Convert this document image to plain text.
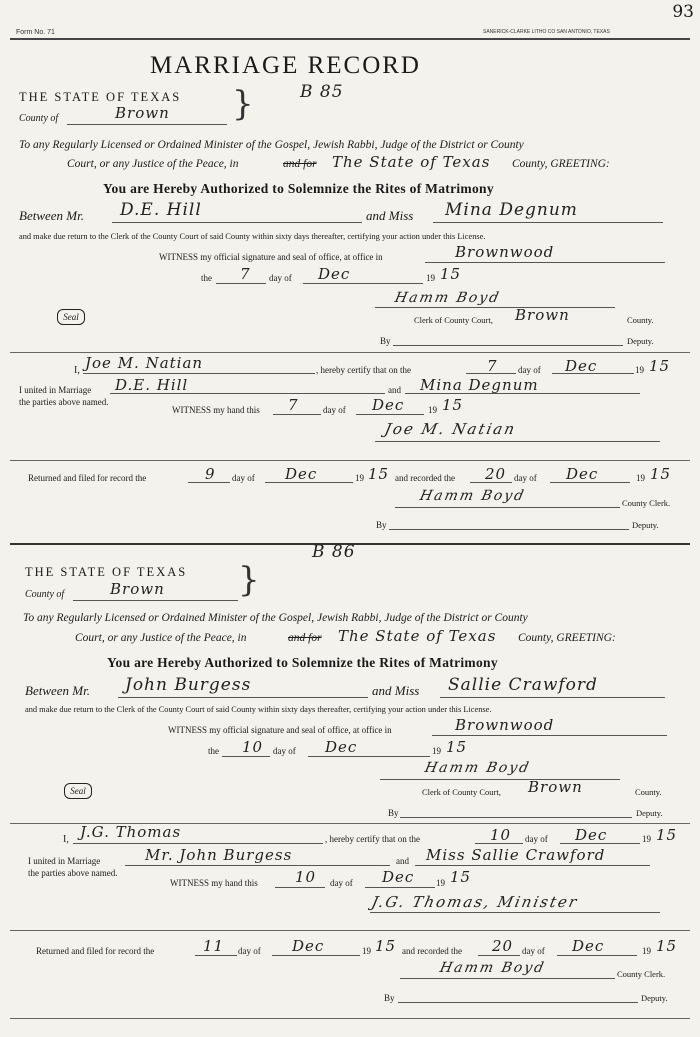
93
Form No. 71	SANERICK-CLARKE LITHO CO SAN ANTONIO, TEXAS
MARRIAGE RECORD
B 85
THE STATE OF TEXAS
County of	Brown }
To any Regularly Licensed or Ordained Minister of the Gospel, Jewish Rabbi, Judge of the District or County
Court, or any Justice of the Peace, in	and for The State of Texas County, GREETING:
You are Hereby Authorized to Solemnize the Rites of Matrimony
Between Mr. D.E. Hill	and Miss Mina Degnum
and make due return to the Clerk of the County Court of said County within sixty days thereafter, certifying your action under this License.
WITNESS my official signature and seal of office, at office in	Brownwood
the 7 day of Dec	19 15
Hamm Boyd
Seal	Clerk of County Court, Brown	County.
By	Deputy.
I, Joe M. Natian	, hereby certify that on the	7 day of Dec	19 15
I united in Marriage D.E. Hill	and Mina Degnum
the parties above named.
WITNESS my hand this 7	day of Dec	19 15
Joe M. Natian
Returned and filed for record the	9 day of Dec	19 15 and recorded the 20 day of Dec	19 15
Hamm Boyd	County Clerk.
By	Deputy.
B 86
THE STATE OF TEXAS
County of	Brown }
To any Regularly Licensed or Ordained Minister of the Gospel, Jewish Rabbi, Judge of the District or County
Court, or any Justice of the Peace, in	and for The State of Texas County, GREETING:
You are Hereby Authorized to Solemnize the Rites of Matrimony
Between Mr. John Burgess	and Miss Sallie Crawford
and make due return to the Clerk of the County Court of said County within sixty days thereafter, certifying your action under this License.
WITNESS my official signature and seal of office, at office in	Brownwood
the 10 day of Dec	19 15
Hamm Boyd
Seal	Clerk of County Court, Brown	County.
By	Deputy.
I, J.G. Thomas	, hereby certify that on the	10 day of Dec	19 15
I united in Marriage	Mr. John Burgess	and Miss Sallie Crawford
the parties above named.
WITNESS my hand this 10 day of Dec 19 15
J.G. Thomas, Minister
Returned and filed for record the	11 day of Dec	19 15 and recorded the 20 day of Dec	19 15
Hamm Boyd	County Clerk.
By	Deputy.
